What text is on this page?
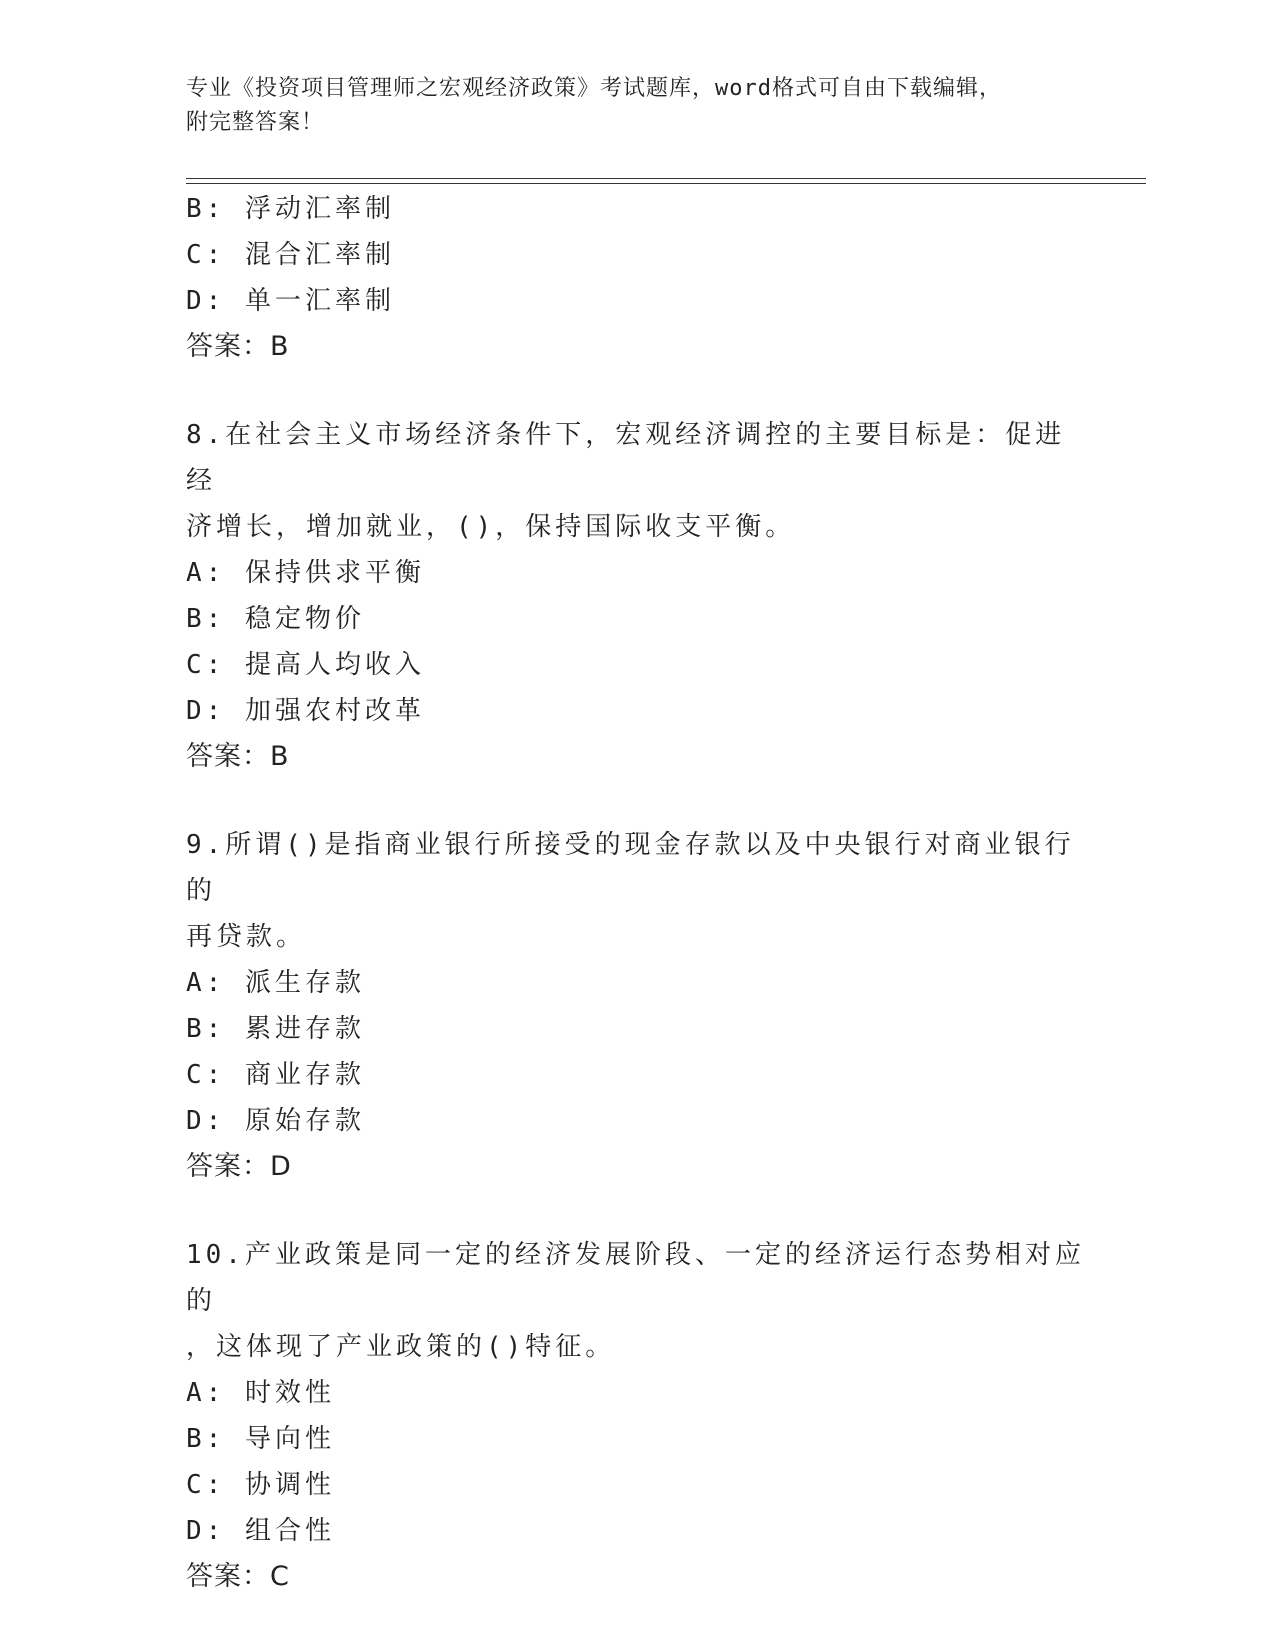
专业《投资项目管理师之宏观经济政策》考试题库，word格式可自由下载编辑，
附完整答案！
B: 浮动汇率制
C: 混合汇率制
D: 单一汇率制
答案：B
8.在社会主义市场经济条件下，宏观经济调控的主要目标是：促进经
济增长，增加就业，()，保持国际收支平衡。
A: 保持供求平衡
B: 稳定物价
C: 提高人均收入
D: 加强农村改革
答案：B
9.所谓()是指商业银行所接受的现金存款以及中央银行对商业银行的
再贷款。
A: 派生存款
B: 累进存款
C: 商业存款
D: 原始存款
答案：D
10.产业政策是同一定的经济发展阶段、一定的经济运行态势相对应的
，这体现了产业政策的()特征。
A: 时效性
B: 导向性
C: 协调性
D: 组合性
答案：C
